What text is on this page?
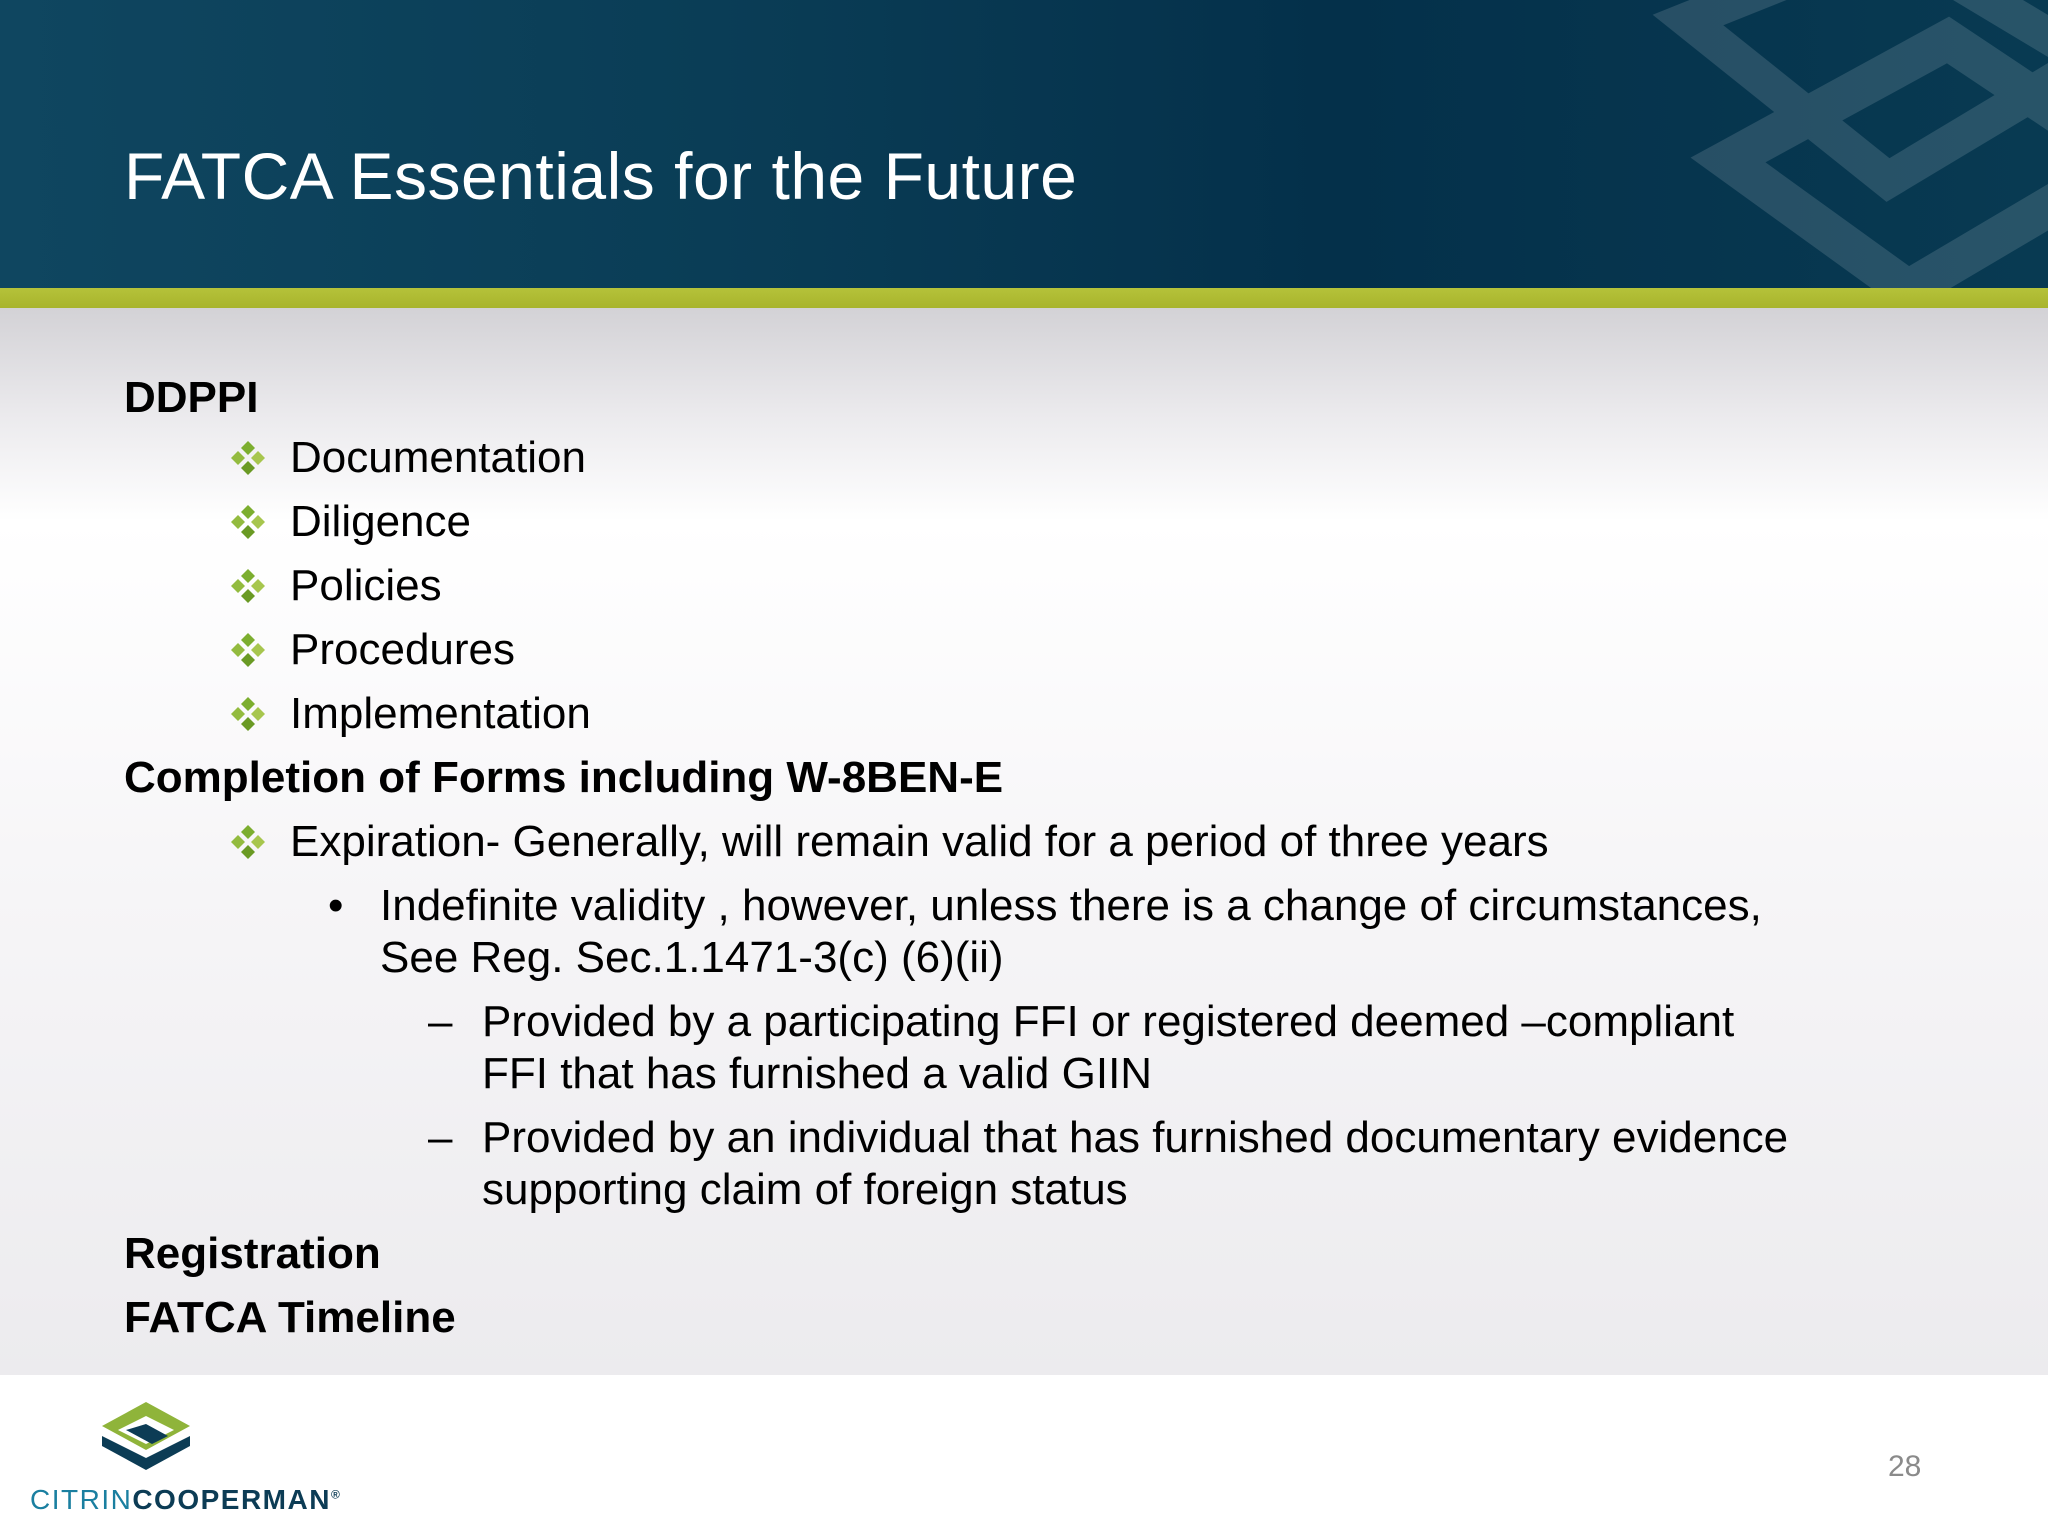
FATCA Essentials for the Future
DDPPI
Documentation
Diligence
Policies
Procedures
Implementation
Completion of Forms including W-8BEN-E
Expiration- Generally, will remain valid for a period of three years
• Indefinite validity , however, unless there is a change of circumstances,
See Reg. Sec.1.1471-3(c) (6)(ii)
– Provided by a participating FFI or registered deemed –compliant
FFI that has furnished a valid GIIN
– Provided by an individual that has furnished documentary evidence
supporting claim of foreign status
Registration
FATCA Timeline
CITRINCOOPERMAN®
28
